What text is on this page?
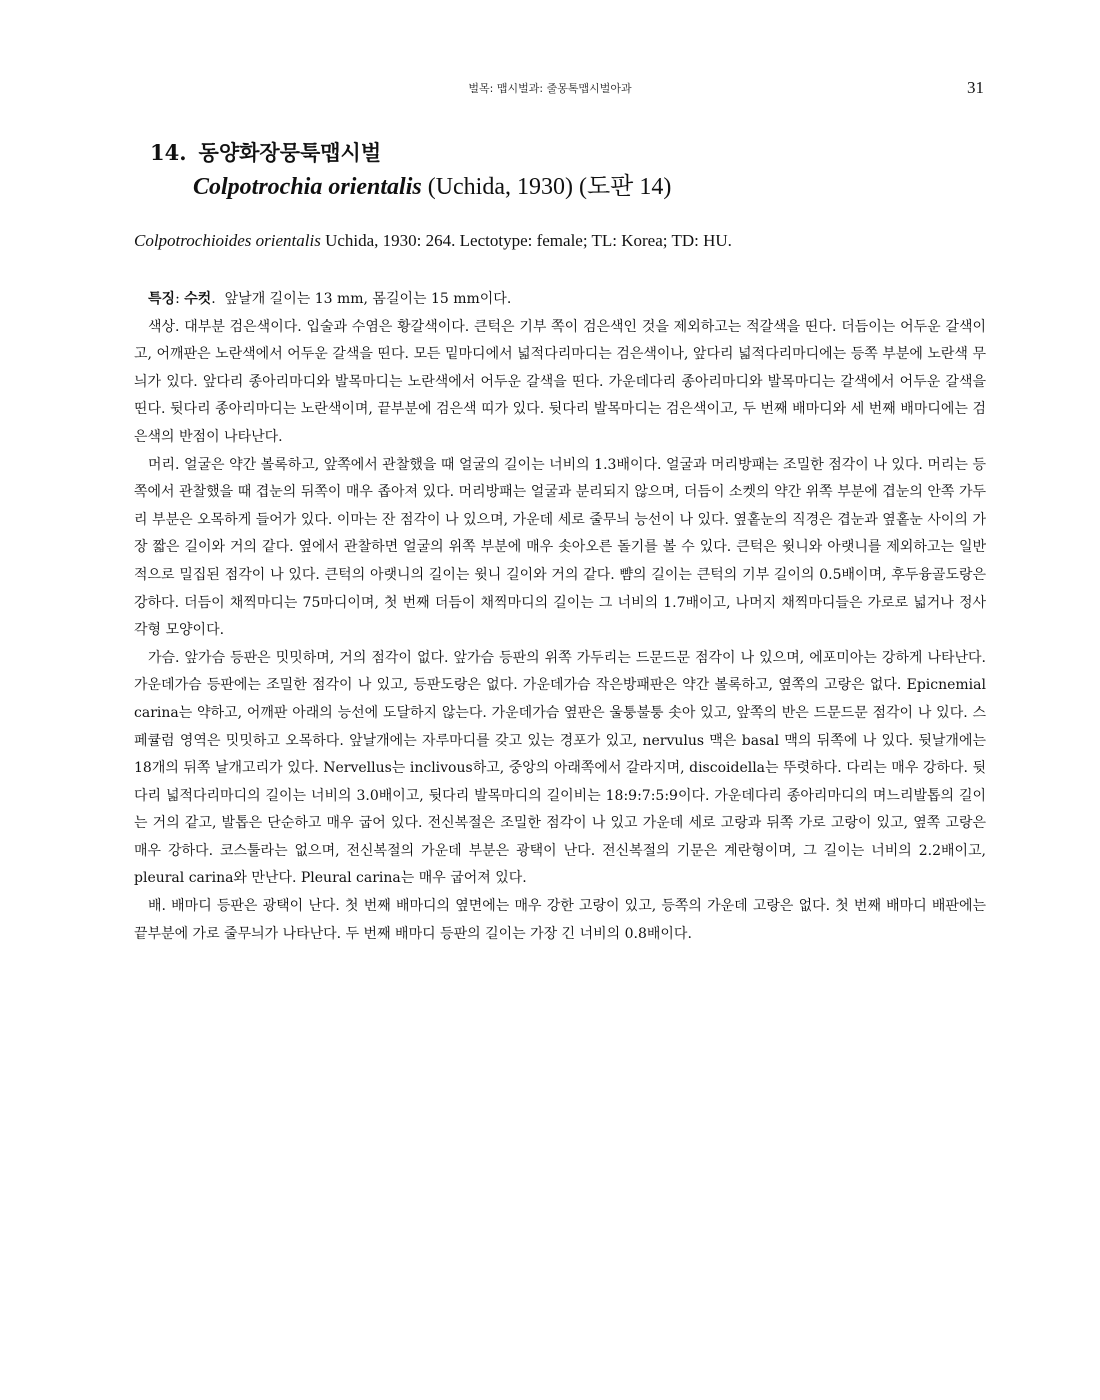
벌목: 맵시벌과: 줄몽톡맵시벌아과	31
14. 동양화장뭉툭맵시벌
Colpotrochia orientalis (Uchida, 1930) (도판 14)
Colpotrochioides orientalis Uchida, 1930: 264. Lectotype: female; TL: Korea; TD: HU.

특징: 수컷.  앞날개 길이는 13 mm, 몸길이는 15 mm이다.

색상. 대부분 검은색이다. 입술과 수염은 황갈색이다. 큰턱은 기부 쪽이 검은색인 것을 제외하고는 적갈색을 띤다. 더듬이는 어두운 갈색이고, 어깨판은 노란색에서 어두운 갈색을 띤다. 모든 밑마디에서 넓적다리마디는 검은색이나, 앞다리 넓적다리마디에는 등쪽 부분에 노란색 무늬가 있다. 앞다리 종아리마디와 발목마디는 노란색에서 어두운 갈색을 띤다. 가운데다리 종아리마디와 발목마디는 갈색에서 어두운 갈색을 띤다. 뒷다리 종아리마디는 노란색이며, 끝부분에 검은색 띠가 있다. 뒷다리 발목마디는 검은색이고, 두 번째 배마디와 세 번째 배마디에는 검은색의 반점이 나타난다.

머리. 얼굴은 약간 볼록하고, 앞쪽에서 관찰했을 때 얼굴의 길이는 너비의 1.3배이다. 얼굴과 머리방패는 조밀한 점각이 나 있다. 머리는 등쪽에서 관찰했을 때 겹눈의 뒤쪽이 매우 좁아져 있다. 머리방패는 얼굴과 분리되지 않으며, 더듬이 소켓의 약간 위쪽 부분에 겹눈의 안쪽 가두리 부분은 오목하게 들어가 있다. 이마는 잔 점각이 나 있으며, 가운데 세로 줄무늬 능선이 나 있다. 옆홑눈의 직경은 겹눈과 옆홑눈 사이의 가장 짧은 길이와 거의 같다. 옆에서 관찰하면 얼굴의 위쪽 부분에 매우 솟아오른 돌기를 볼 수 있다. 큰턱은 윗니와 아랫니를 제외하고는 일반적으로 밀집된 점각이 나 있다. 큰턱의 아랫니의 길이는 윗니 길이와 거의 같다. 뺨의 길이는 큰턱의 기부 길이의 0.5배이며, 후두융골도랑은 강하다. 더듬이 채찍마디는 75마디이며, 첫 번째 더듬이 채찍마디의 길이는 그 너비의 1.7배이고, 나머지 채찍마디들은 가로로 넓거나 정사각형 모양이다.

가슴. 앞가슴 등판은 밋밋하며, 거의 점각이 없다. 앞가슴 등판의 위쪽 가두리는 드문드문 점각이 나 있으며, 에포미아는 강하게 나타난다. 가운데가슴 등판에는 조밀한 점각이 나 있고, 등판도랑은 없다. 가운데가슴 작은방패판은 약간 볼록하고, 옆쪽의 고랑은 없다. Epicnemial carina는 약하고, 어깨판 아래의 능선에 도달하지 않는다. 가운데가슴 옆판은 울퉁불퉁 솟아 있고, 앞쪽의 반은 드문드문 점각이 나 있다. 스페큘럼 영역은 밋밋하고 오목하다. 앞날개에는 자루마디를 갖고 있는 경포가 있고, nervulus 맥은 basal 맥의 뒤쪽에 나 있다. 뒷날개에는 18개의 뒤쪽 날개고리가 있다. Nervellus는 inclivous하고, 중앙의 아래쪽에서 갈라지며, discoidella는 뚜렷하다. 다리는 매우 강하다. 뒷다리 넓적다리마디의 길이는 너비의 3.0배이고, 뒷다리 발목마디의 길이비는 18:9:7:5:9이다. 가운데다리 종아리마디의 며느리발톱의 길이는 거의 같고, 발톱은 단순하고 매우 굽어 있다. 전신복절은 조밀한 점각이 나 있고 가운데 세로 고랑과 뒤쪽 가로 고랑이 있고, 옆쪽 고랑은 매우 강하다. 코스툴라는 없으며, 전신복절의 가운데 부분은 광택이 난다. 전신복절의 기문은 계란형이며, 그 길이는 너비의 2.2배이고, pleural carina와 만난다. Pleural carina는 매우 굽어져 있다.

배. 배마디 등판은 광택이 난다. 첫 번째 배마디의 옆면에는 매우 강한 고랑이 있고, 등쪽의 가운데 고랑은 없다. 첫 번째 배마디 배판에는 끝부분에 가로 줄무늬가 나타난다. 두 번째 배마디 등판의 길이는 가장 긴 너비의 0.8배이다.
